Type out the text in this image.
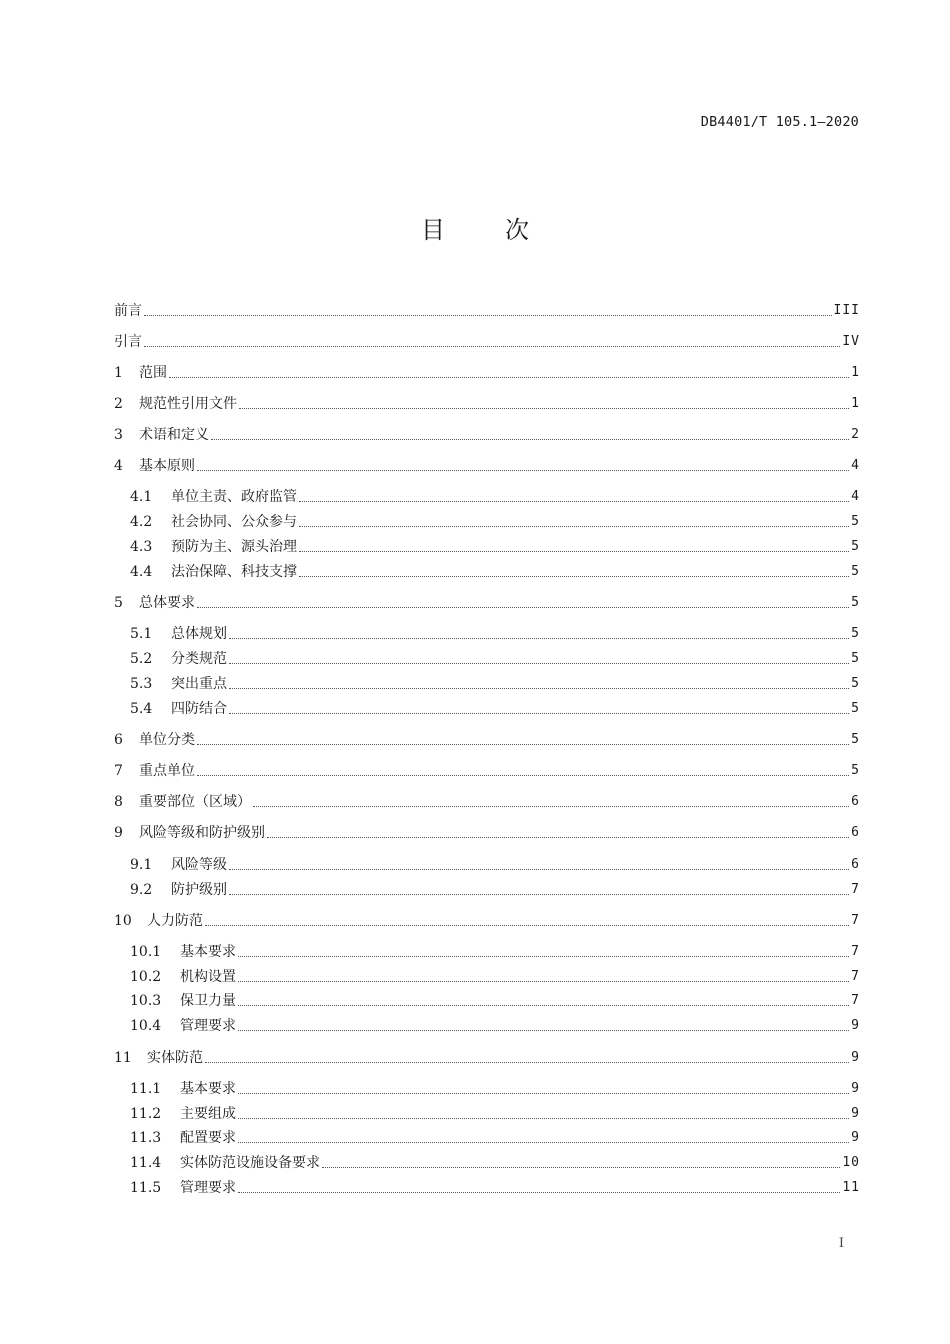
DB4401/T 105.1—2020
目次
前言	III
引言	IV
1	范围	1
2	规范性引用文件	1
3	术语和定义	2
4	基本原则	4
4.1	单位主责、政府监管	4
4.2	社会协同、公众参与	5
4.3	预防为主、源头治理	5
4.4	法治保障、科技支撑	5
5	总体要求	5
5.1	总体规划	5
5.2	分类规范	5
5.3	突出重点	5
5.4	四防结合	5
6	单位分类	5
7	重点单位	5
8	重要部位（区域）	6
9	风险等级和防护级别	6
9.1	风险等级	6
9.2	防护级别	7
10	人力防范	7
10.1	基本要求	7
10.2	机构设置	7
10.3	保卫力量	7
10.4	管理要求	9
11	实体防范	9
11.1	基本要求	9
11.2	主要组成	9
11.3	配置要求	9
11.4	实体防范设施设备要求	10
11.5	管理要求	11
I
